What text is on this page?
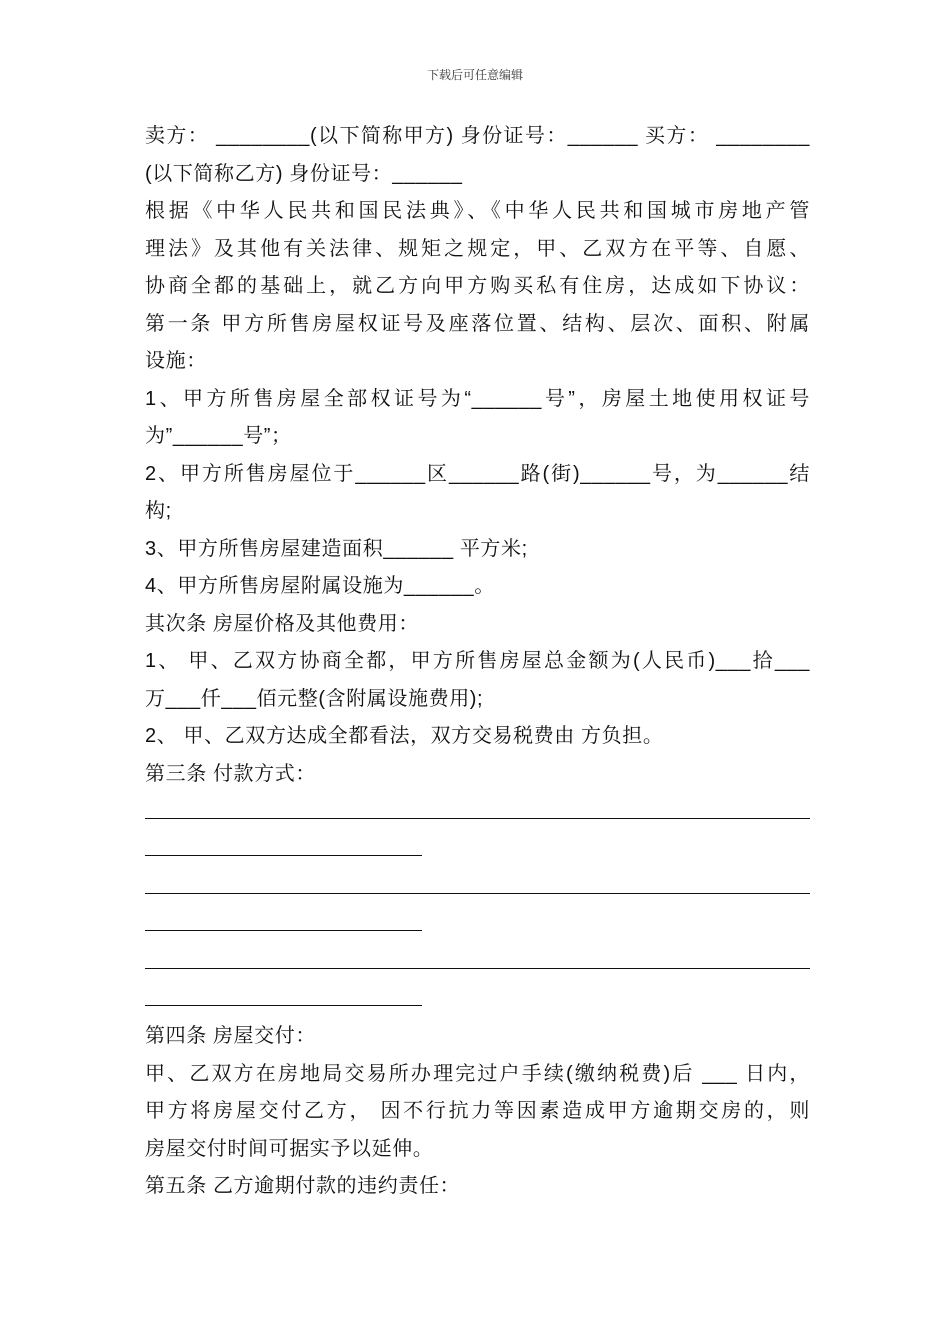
下载后可任意编辑
卖方： ________(以下简称甲方) 身份证号：______ 买方： ________
(以下简称乙方) 身份证号：______
根据《中华人民共和国民法典》、《中华人民共和国城市房地产管
理法》及其他有关法律、规矩之规定，甲、乙双方在平等、自愿、
协商全都的基础上，就乙方向甲方购买私有住房，达成如下协议：
第一条 甲方所售房屋权证号及座落位置、结构、层次、面积、附属
设施：
1、甲方所售房屋全部权证号为“______号”，房屋土地使用权证号
为”______号”；
2、甲方所售房屋位于______区______路(街)______号，为______结
构;
3、甲方所售房屋建造面积______ 平方米;
4、甲方所售房屋附属设施为______。
其次条 房屋价格及其他费用：
1、 甲、乙双方协商全都，甲方所售房屋总金额为(人民币)___拾___
万___仟___佰元整(含附属设施费用);
2、 甲、乙双方达成全都看法，双方交易税费由 方负担。
第三条 付款方式：
第四条 房屋交付：
甲、乙双方在房地局交易所办理完过户手续(缴纳税费)后 ___ 日内，
甲方将房屋交付乙方， 因不行抗力等因素造成甲方逾期交房的，则
房屋交付时间可据实予以延伸。
第五条 乙方逾期付款的违约责任：
